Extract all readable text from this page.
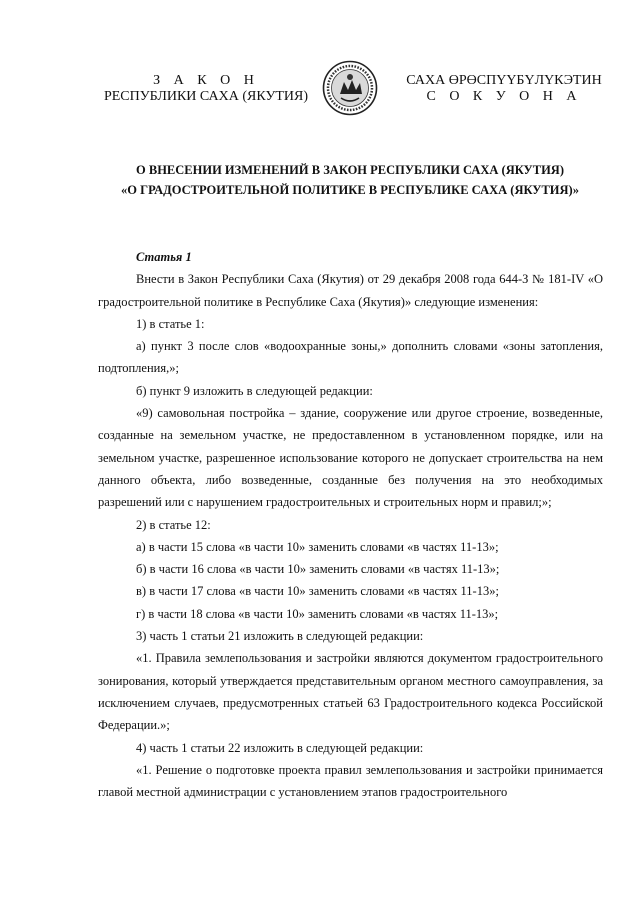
З А К О Н
РЕСПУБЛИКИ САХА (ЯКУТИЯ)
САХА ӨРӨСПҮҮБҮЛҮКЭТИН
С О К У О Н А
О ВНЕСЕНИИ ИЗМЕНЕНИЙ В ЗАКОН РЕСПУБЛИКИ САХА (ЯКУТИЯ)
«О ГРАДОСТРОИТЕЛЬНОЙ ПОЛИТИКЕ В РЕСПУБЛИКЕ САХА (ЯКУТИЯ)»

Статья 1

Внести в Закон Республики Саха (Якутия) от 29 декабря 2008 года 644-З № 181-IV «О градостроительной политике в Республике Саха (Якутия)» следующие изменения:

1) в статье 1:

а) пункт 3 после слов «водоохранные зоны,» дополнить словами «зоны затопления, подтопления,»;

б) пункт 9 изложить в следующей редакции:

«9) самовольная постройка – здание, сооружение или другое строение, возведенные, созданные на земельном участке, не предоставленном в установленном порядке, или на земельном участке, разрешенное использование которого не допускает строительства на нем данного объекта, либо возведенные, созданные без получения на это необходимых разрешений или с нарушением градостроительных и строительных норм и правил;»;

2) в статье 12:

а) в части 15 слова «в части 10» заменить словами «в частях 11-13»;

б) в части 16 слова «в части 10» заменить словами «в частях 11-13»;

в) в части 17 слова «в части 10» заменить словами «в частях 11-13»;

г) в части 18 слова «в части 10» заменить словами «в частях 11-13»;

3) часть 1 статьи 21 изложить в следующей редакции:

«1. Правила землепользования и застройки являются документом градостроительного зонирования, который утверждается представительным органом местного самоуправления, за исключением случаев, предусмотренных статьей 63 Градостроительного кодекса Российской Федерации.»;

4) часть 1 статьи 22 изложить в следующей редакции:

«1. Решение о подготовке проекта правил землепользования и застройки принимается главой местной администрации с установлением этапов градостроительного
